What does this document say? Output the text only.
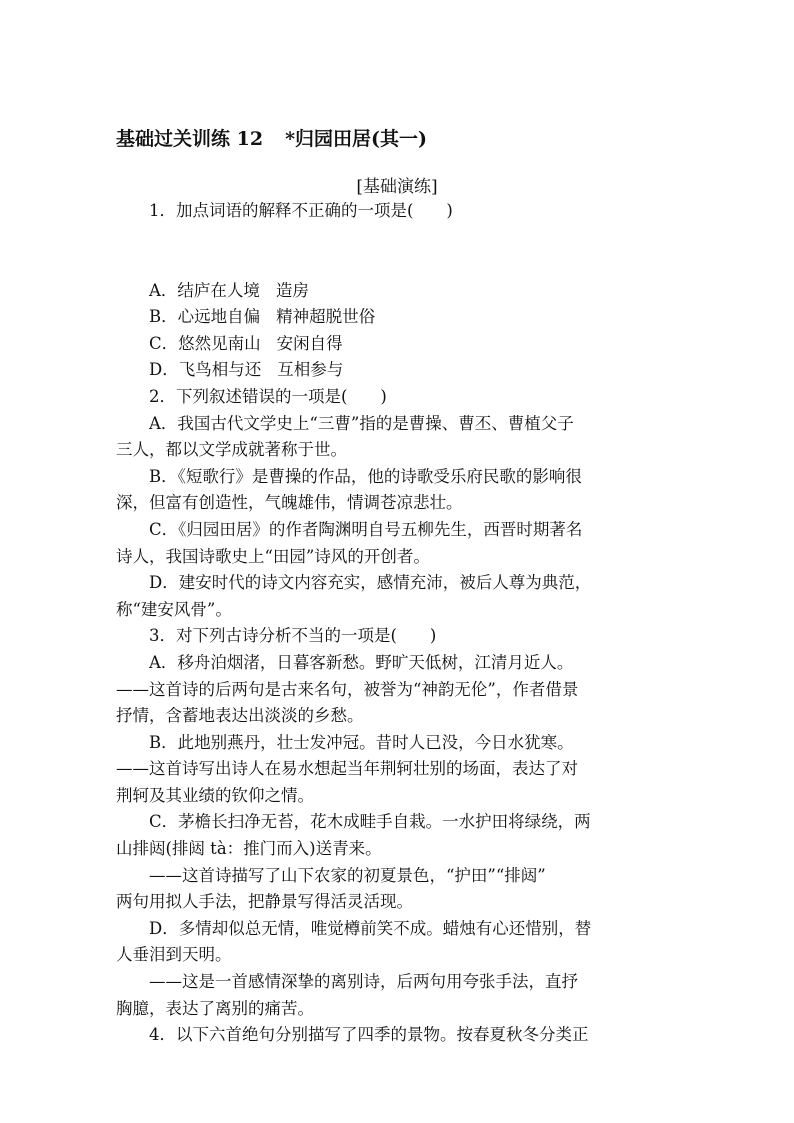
基础过关训练 12 *归园田居(其一)
[基础演练]

1．加点词语的解释不正确的一项是(　　)

A．结庐在人境 造房

B．心远地自偏 精神超脱世俗

C．悠然见南山 安闲自得

D．飞鸟相与还 互相参与

2．下列叙述错误的一项是(　　)

A．我国古代文学史上“三曹”指的是曹操、曹丕、曹植父子

三人，都以文学成就著称于世。

B．《短歌行》是曹操的作品，他的诗歌受乐府民歌的影响很

深，但富有创造性，气魄雄伟，情调苍凉悲壮。

C．《归园田居》的作者陶渊明自号五柳先生，西晋时期著名

诗人，我国诗歌史上“田园”诗风的开创者。

D．建安时代的诗文内容充实，感情充沛，被后人尊为典范，

称“建安风骨”。

3．对下列古诗分析不当的一项是(　　)

A．移舟泊烟渚，日暮客新愁。野旷天低树，江清月近人。

——这首诗的后两句是古来名句，被誉为“神韵无伦”，作者借景

抒情，含蓄地表达出淡淡的乡愁。

B．此地别燕丹，壮士发冲冠。昔时人已没，今日水犹寒。

——这首诗写出诗人在易水想起当年荆轲壮别的场面，表达了对

荆轲及其业绩的钦仰之情。

C．茅檐长扫净无苔，花木成畦手自栽。一水护田将绿绕，两

山排闼(排闼 tà：推门而入)送青来。

——这首诗描写了山下农家的初夏景色，“护田”“排闼”

两句用拟人手法，把静景写得活灵活现。

D．多情却似总无情，唯觉樽前笑不成。蜡烛有心还惜别，替

人垂泪到天明。

——这是一首感情深挚的离别诗，后两句用夸张手法，直抒

胸臆，表达了离别的痛苦。

4．以下六首绝句分别描写了四季的景物。按春夏秋冬分类正
